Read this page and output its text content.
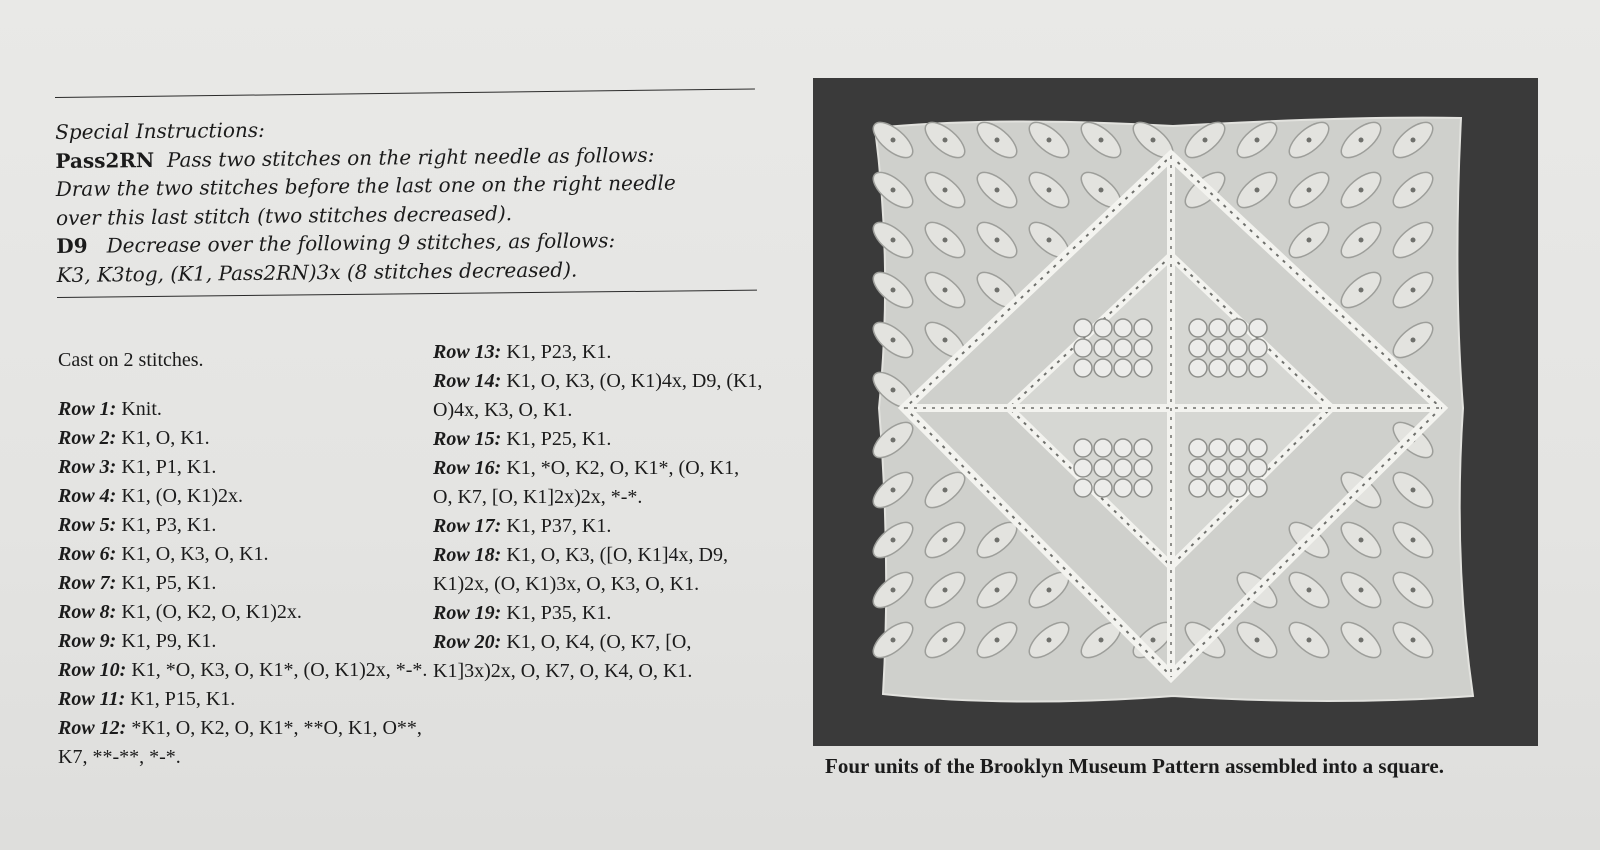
Special Instructions:
Pass2RN Pass two stitches on the right needle as follows:
Draw the two stitches before the last one on the right needle
over this last stitch (two stitches decreased).
D9 Decrease over the following 9 stitches, as follows:
K3, K3tog, (K1, Pass2RN)3x (8 stitches decreased).
Cast on 2 stitches.
Row 1: Knit.
Row 2: K1, O, K1.
Row 3: K1, P1, K1.
Row 4: K1, (O, K1)2x.
Row 5: K1, P3, K1.
Row 6: K1, O, K3, O, K1.
Row 7: K1, P5, K1.
Row 8: K1, (O, K2, O, K1)2x.
Row 9: K1, P9, K1.
Row 10: K1, *O, K3, O, K1*, (O, K1)2x, *-*.
Row 11: K1, P15, K1.
Row 12: *K1, O, K2, O, K1*, **O, K1, O**, K7, **-**, *-*.
Row 13: K1, P23, K1.
Row 14: K1, O, K3, (O, K1)4x, D9, (K1, O)4x, K3, O, K1.
Row 15: K1, P25, K1.
Row 16: K1, *O, K2, O, K1*, (O, K1, O, K7, [O, K1]2x)2x, *-*.
Row 17: K1, P37, K1.
Row 18: K1, O, K3, ([O, K1]4x, D9, K1)2x, (O, K1)3x, O, K3, O, K1.
Row 19: K1, P35, K1.
Row 20: K1, O, K4, (O, K7, [O, K1]3x)2x, O, K7, O, K4, O, K1.
Four units of the Brooklyn Museum Pattern assembled into a square.
